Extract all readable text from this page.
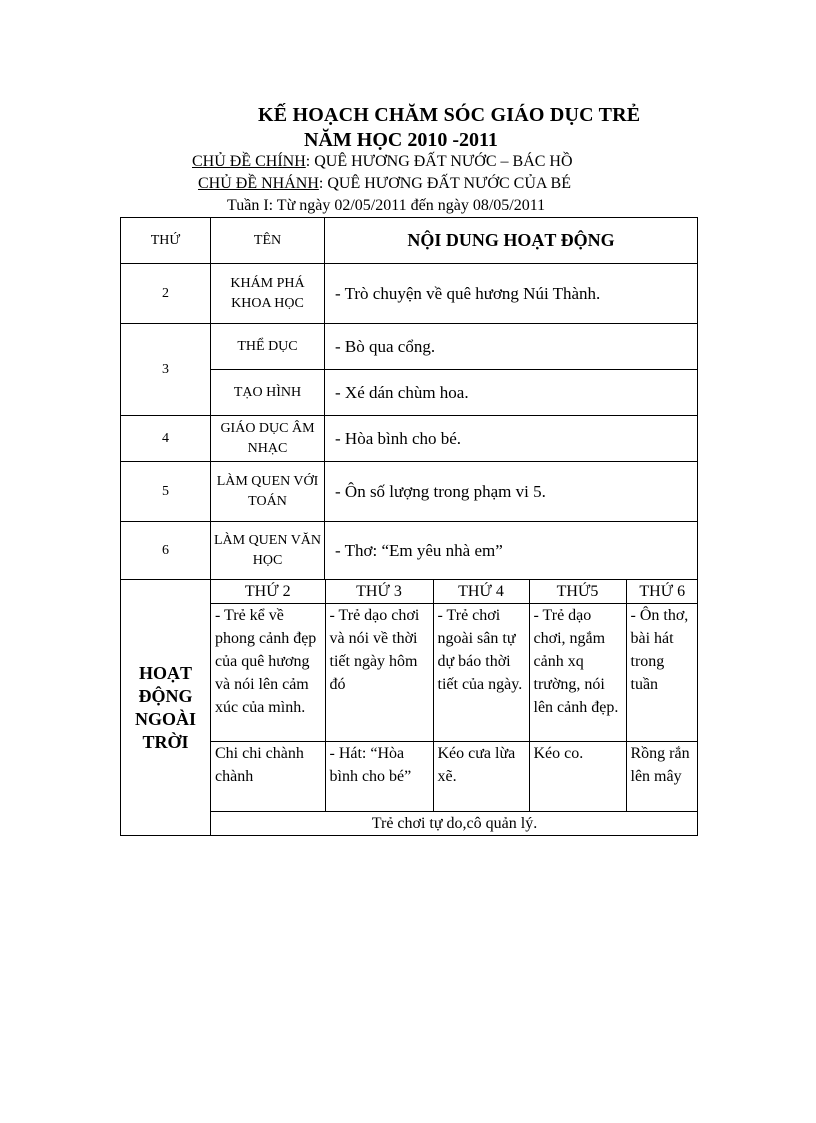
KẾ HOẠCH CHĂM SÓC GIÁO DỤC TRẺ
NĂM HỌC 2010 -2011
CHỦ ĐỀ CHÍNH: QUÊ HƯƠNG ĐẤT NƯỚC – BÁC HỒ
CHỦ ĐỀ NHÁNH: QUÊ HƯƠNG ĐẤT NƯỚC CỦA BÉ
Tuần I: Từ ngày 02/05/2011 đến ngày 08/05/2011
THỨ	TÊN	NỘI DUNG HOẠT ĐỘNG
2	KHÁM PHÁ KHOA HỌC	- Trò chuyện về quê hương Núi Thành.
3	THỂ DỤC	- Bò qua cổng.
TẠO HÌNH	- Xé dán chùm hoa.
4	GIÁO DỤC ÂM NHẠC	- Hòa bình cho bé.
5	LÀM QUEN VỚI TOÁN	- Ôn số lượng trong phạm vi 5.
6	LÀM QUEN VĂN HỌC	- Thơ: “Em yêu nhà em”
HOẠT ĐỘNG NGOÀI TRỜI	
THỨ 2	THỨ 3	THỨ 4	THỨ5	THỨ 6
- Trẻ kể về phong cảnh đẹp của quê hương và nói lên cảm xúc của mình.	- Trẻ dạo chơi và nói về thời tiết ngày hôm đó	- Trẻ chơi ngoài sân tự dự báo thời tiết của ngày.	- Trẻ dạo chơi, ngắm cảnh xq trường, nói lên cảnh đẹp.	- Ôn thơ, bài hát trong tuần
Chi chi chành chành	- Hát: “Hòa bình cho bé”	Kéo cưa lừa xẽ.	Kéo co.	Rồng rắn lên mây
Trẻ chơi tự do,cô quản lý.
